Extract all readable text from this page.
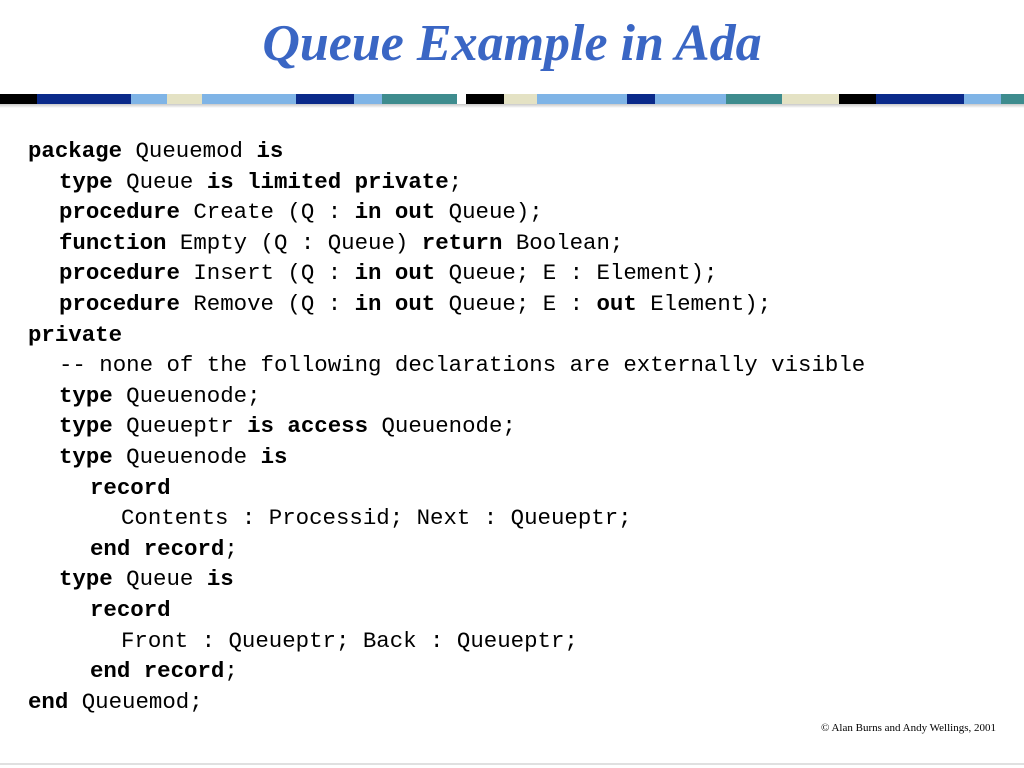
Queue Example in Ada
package Queuemod is
type Queue is limited private;
procedure Create (Q : in out Queue);
function Empty (Q : Queue) return Boolean;
procedure Insert (Q : in out Queue; E : Element);
procedure Remove (Q : in out Queue; E : out Element);
private
-- none of the following declarations are externally visible
type Queuenode;
type Queueptr is access Queuenode;
type Queuenode is
record
Contents : Processid; Next : Queueptr;
end record;
type Queue is
record
Front : Queueptr; Back : Queueptr;
end record;
end Queuemod;
© Alan Burns and Andy Wellings, 2001
